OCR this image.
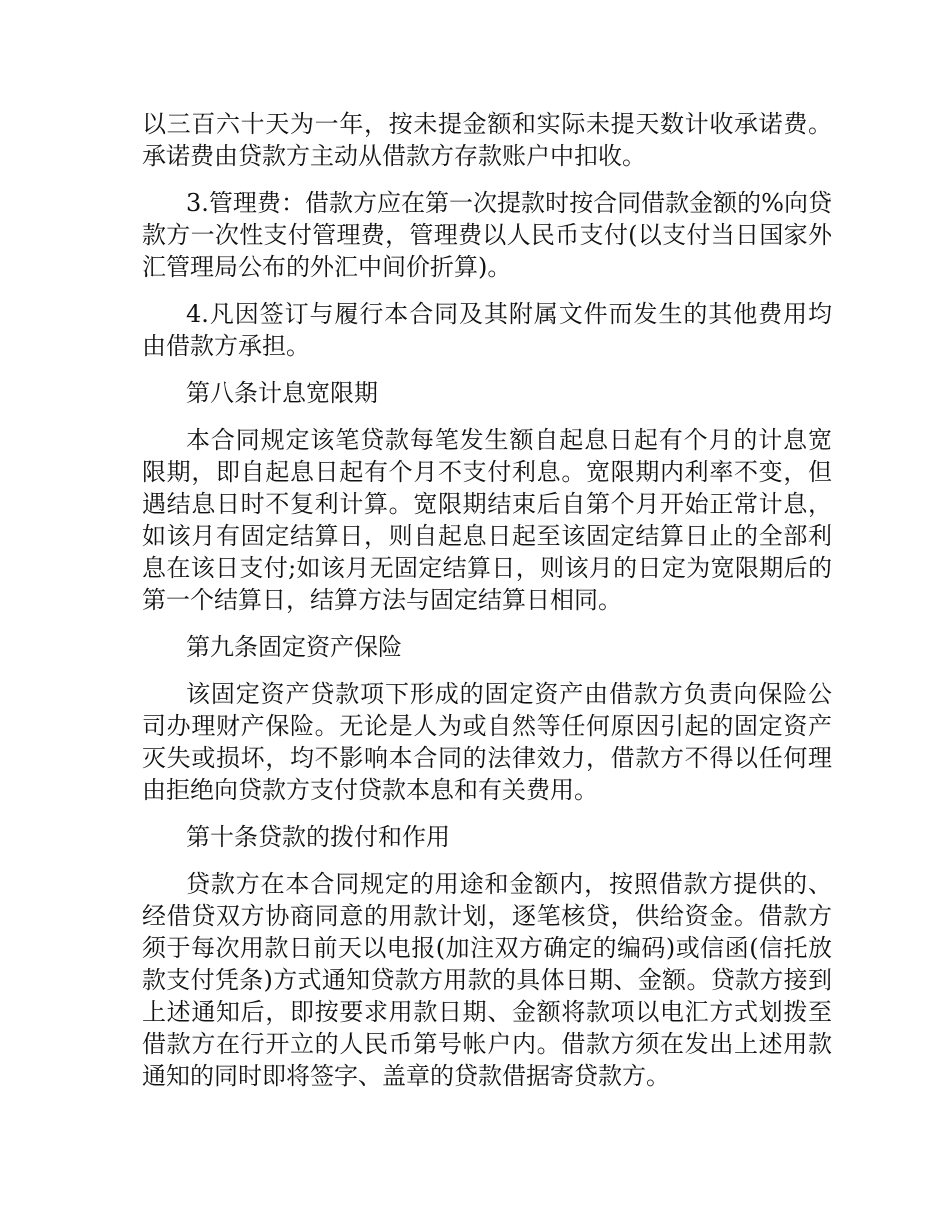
以三百六十天为一年，按未提金额和实际未提天数计收承诺费。承诺费由贷款方主动从借款方存款账户中扣收。

3.管理费：借款方应在第一次提款时按合同借款金额的%向贷款方一次性支付管理费，管理费以人民币支付(以支付当日国家外汇管理局公布的外汇中间价折算)。

4.凡因签订与履行本合同及其附属文件而发生的其他费用均由借款方承担。

第八条计息宽限期

本合同规定该笔贷款每笔发生额自起息日起有个月的计息宽限期，即自起息日起有个月不支付利息。宽限期内利率不变，但遇结息日时不复利计算。宽限期结束后自第个月开始正常计息，如该月有固定结算日，则自起息日起至该固定结算日止的全部利息在该日支付;如该月无固定结算日，则该月的日定为宽限期后的第一个结算日，结算方法与固定结算日相同。

第九条固定资产保险

该固定资产贷款项下形成的固定资产由借款方负责向保险公司办理财产保险。无论是人为或自然等任何原因引起的固定资产灭失或损坏，均不影响本合同的法律效力，借款方不得以任何理由拒绝向贷款方支付贷款本息和有关费用。

第十条贷款的拨付和作用

贷款方在本合同规定的用途和金额内，按照借款方提供的、经借贷双方协商同意的用款计划，逐笔核贷，供给资金。借款方须于每次用款日前天以电报(加注双方确定的编码)或信函(信托放款支付凭条)方式通知贷款方用款的具体日期、金额。贷款方接到上述通知后，即按要求用款日期、金额将款项以电汇方式划拨至借款方在行开立的人民币第号帐户内。借款方须在发出上述用款通知的同时即将签字、盖章的贷款借据寄贷款方。
